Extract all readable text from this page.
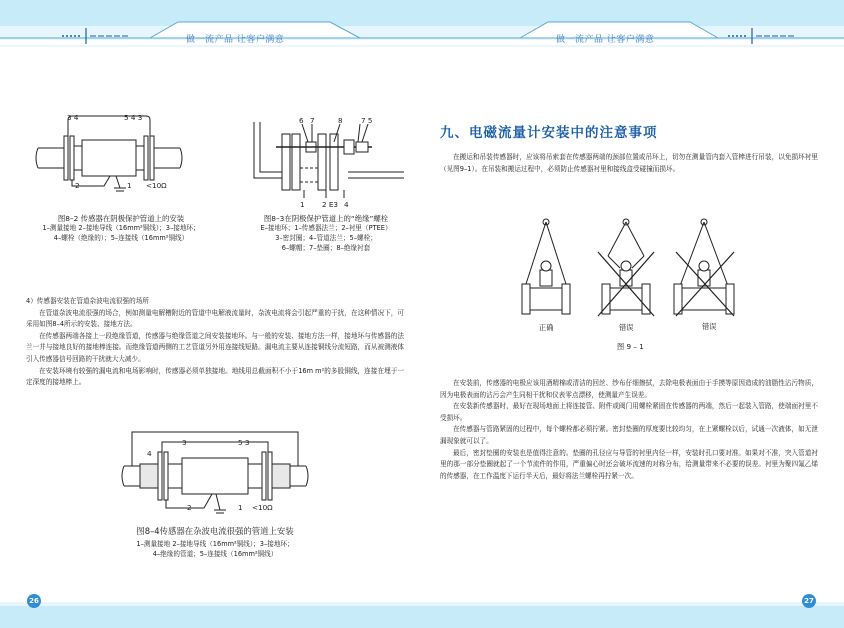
做一流产品 让客户满意	做一流产品 让客户满意
3 4	5 4 3
2	1 <10Ω
图8–2 传感器在阴极保护管道上的安装
1–测量接地 2–接地导线（16mm²铜线）；3–接地环；
4–螺栓（绝缘的）；5–连接线（16mm²铜线）
6 7	8	7 5
1 2 E3 4
图8–3在阴极保护管道上的“绝缘”螺栓
E–接地环；1–传感器法兰；2–衬里（PTEE）
3–密封圈；4–管道法兰；5–螺栓；
6–螺帽；7–垫圈；8–绝缘衬套

4）传感器安装在管道杂波电流很强的场所

在管道杂波电流很强的场合，例如测量电解槽附近的管道中电解液流量时，杂波电流将会引起严重的干扰，在这种情况下，可采用如图8–4所示的安装、接地方法。

在传感器两端各接上一段绝缘管道，传感器与绝缘管道之间安装接地环。与一般的安装、接地方法一样，接地环与传感器的法兰一并与接地良好的接地棒连接。而绝缘管道两侧的工艺管道另外用连接线短路。漏电流主要从连接铜线分流短路，而从被测液体引入传感器信号回路的干扰就大大减少。

在安装环境有较强的漏电流和电场影响时，传感器必须单独接地。地线用总截面积不小于16m m²的多股铜线，连接在埋于一定深度的接地棒上。

4
3	5 3
2	1 <10Ω
图8–4传感器在杂波电流很强的管道上安装
1–测量接地 2–接地导线（16mm²铜线）；3–接地环；
4–绝缘的管道；5–连接线（16mm²铜线）
九、电磁流量计安装中的注意事项

在搬运和吊装传感器时，应该将吊索套在传感器两端的颈部位置或吊环上，切勿在测量管内套入管棒进行吊装，以免损坏衬里（见图9–1）。在吊装和搬运过程中，必须防止传感器衬里和接线盒受碰撞而损坏。

正确	错误	错误
图 9 – 1

在安装前，传感器的电极应该用酒精棉或清洁的回丝、纱布仔细擦拭，去除电极表面由于手摸等原因造成的油脂性沾污物质，因为电极表面的沾污会产生同相干扰和仪表零点漂移，使测量产生误差。

在安装新传感器时，最好在现场地面上将连接管、附件或阀门用螺栓紧固在传感器的两端，然后一起装入管路，使端面衬里不受损坏。

在传感器与管路紧固的过程中，每个螺栓都必须拧紧。密封垫圈的厚度要比较均匀，在上紧螺栓以后，试通一次液体，如无泄漏现象就可以了。

最后，密封垫圈的安装也是值得注意的。垫圈的孔径应与导管的衬里内径一样，安装时孔口要对准。如果对不准，突入管道衬里的那一部分垫圈就起了一个节流件的作用，严重偏心时还会破坏流速的对称分布，给测量带来不必要的误差。衬里为聚四氟乙烯的传感器，在工作温度下运行半天后，最好将法兰螺栓再拧紧一次。

26	27
